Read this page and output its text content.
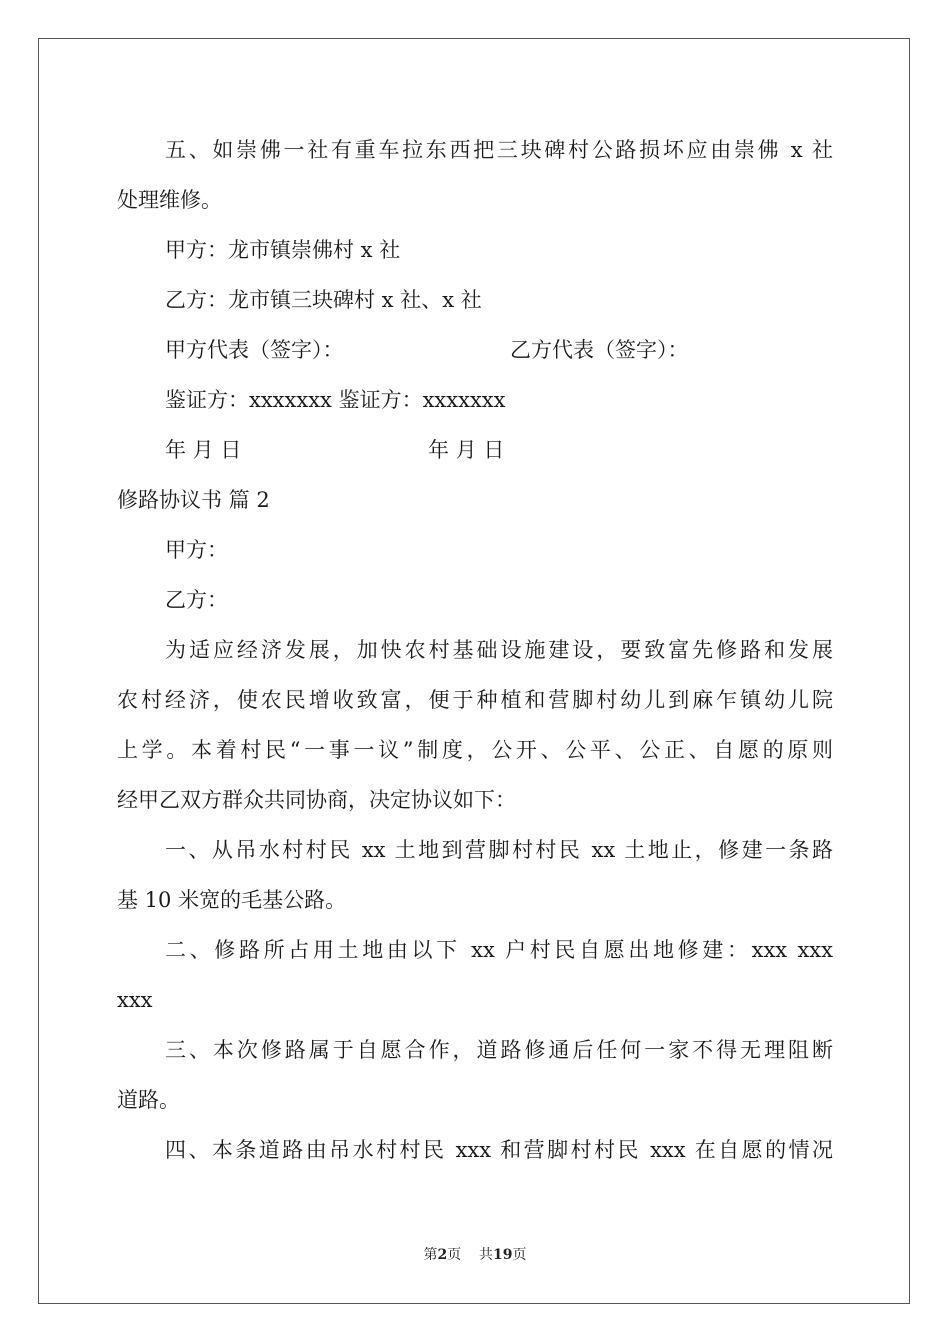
五、如崇佛一社有重车拉东西把三块碑村公路损坏应由崇佛 x 社
处理维修。
甲方：龙市镇崇佛村 x 社
乙方：龙市镇三块碑村 x 社、x 社
甲方代表（签字）：	乙方代表（签字）：
鉴证方：xxxxxxx 鉴证方：xxxxxxx
年 月 日	年 月 日
修路协议书 篇 2
甲方：
乙方：
为适应经济发展，加快农村基础设施建设，要致富先修路和发展
农村经济，使农民增收致富，便于种植和营脚村幼儿到麻乍镇幼儿院
上学。本着村民“一事一议”制度，公开、公平、公正、自愿的原则
经甲乙双方群众共同协商，决定协议如下：
一、从吊水村村民 xx 土地到营脚村村民 xx 土地止，修建一条路
基 10 米宽的毛基公路。
二、修路所占用土地由以下 xx 户村民自愿出地修建：xxx xxx
xxx
三、本次修路属于自愿合作，道路修通后任何一家不得无理阻断
道路。
四、本条道路由吊水村村民 xxx 和营脚村村民 xxx 在自愿的情况
第2页    共19页
